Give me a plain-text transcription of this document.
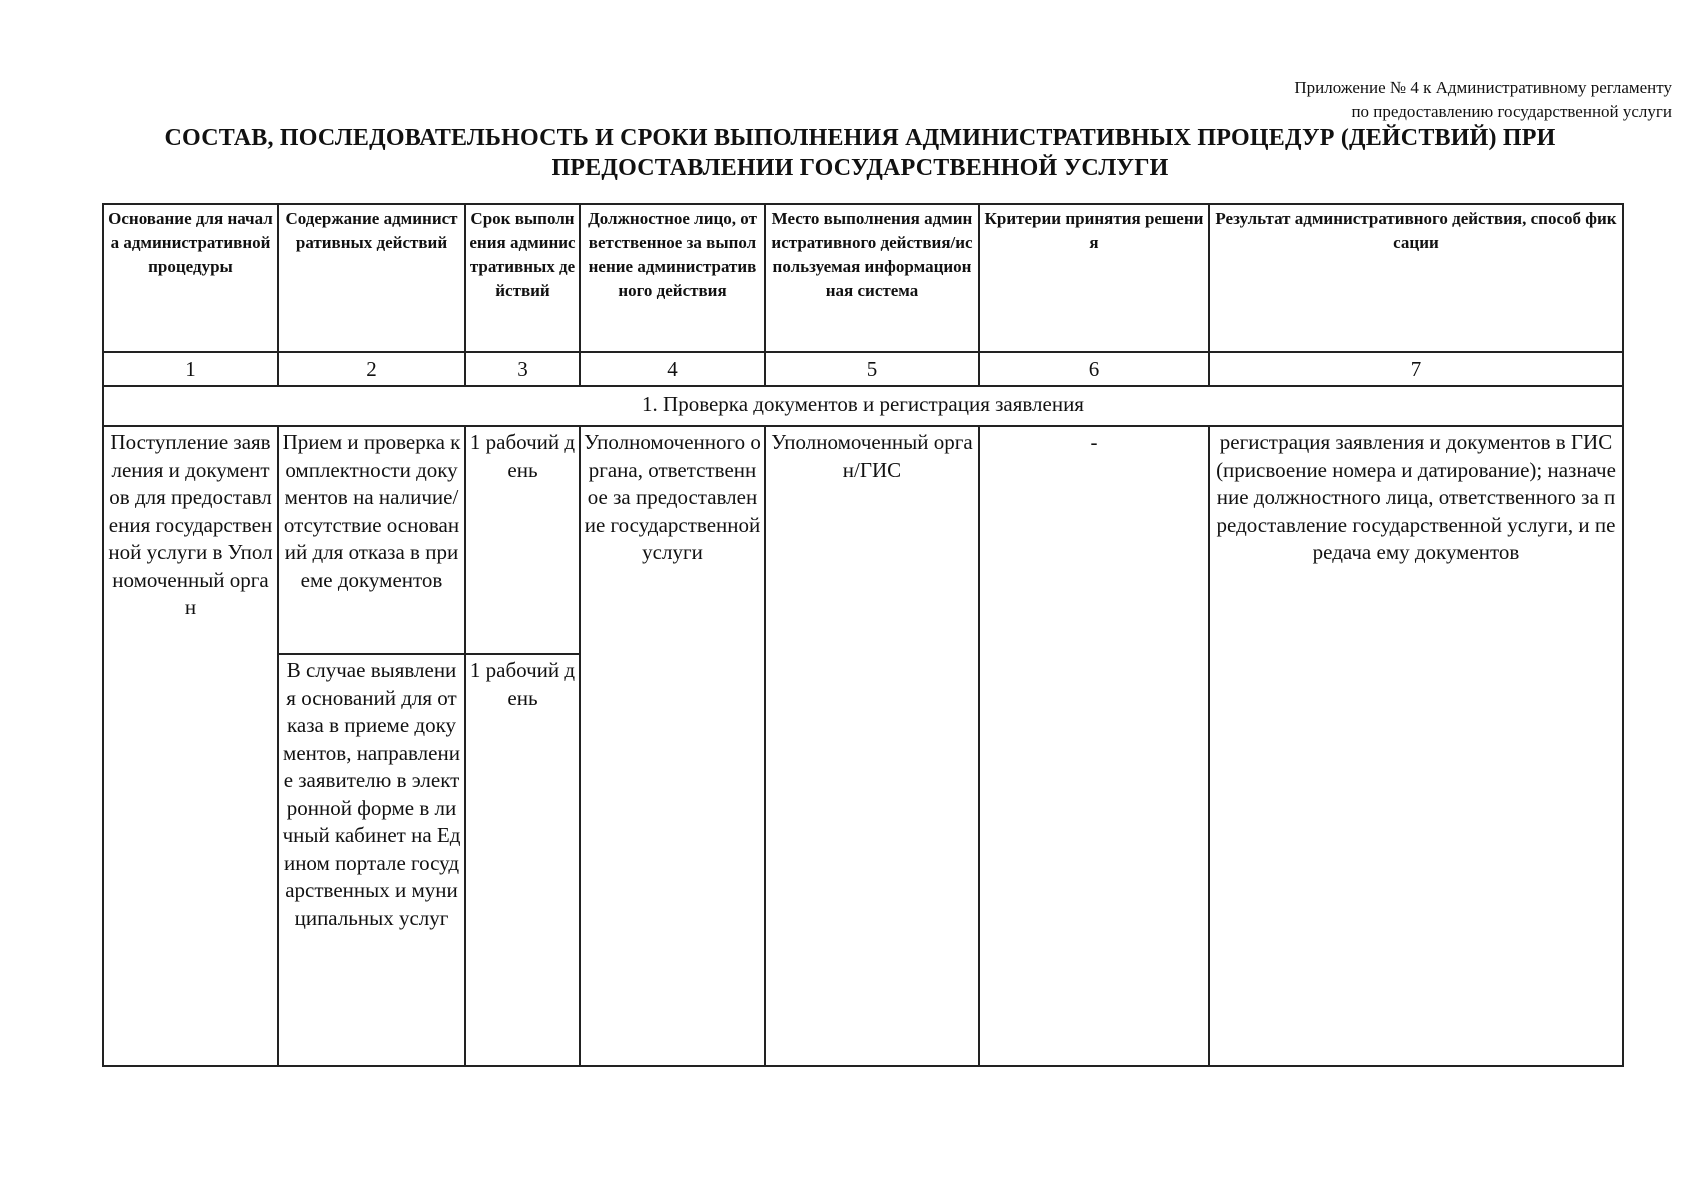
Приложение № 4 к Административному регламенту
по предоставлению государственной услуги
СОСТАВ, ПОСЛЕДОВАТЕЛЬНОСТЬ И СРОКИ ВЫПОЛНЕНИЯ АДМИНИСТРАТИВНЫХ ПРОЦЕДУР (ДЕЙСТВИЙ) ПРИ
ПРЕДОСТАВЛЕНИИ ГОСУДАРСТВЕННОЙ УСЛУГИ
Основание для начала административной процедуры	Содержание административных действий	Срок выполнения административных действий	Должностное лицо, ответственное за выполнение административного действия	Место выполнения административного действия/используемая информационная система	Критерии принятия решения	Результат административного действия, способ фиксации
1	2	3	4	5	6	7
1. Проверка документов и регистрация заявления						
Поступление заявления и документов для предоставления государственной услуги в Уполномоченный орган	Прием и проверка комплектности документов на наличие/отсутствие оснований для отказа в приеме документов	1 рабочий день	Уполномоченного органа, ответственное за предоставление государственной услуги	Уполномоченный орган/ГИС	-	регистрация заявления и документов в ГИС (присвоение номера и датирование); назначение должностного лица, ответственного за предоставление государственной услуги, и передача ему документов
	В случае выявления оснований для отказа в приеме документов, направление заявителю в электронной форме в личный кабинет на Едином портале государственных и муниципальных услуг	1 рабочий день				
